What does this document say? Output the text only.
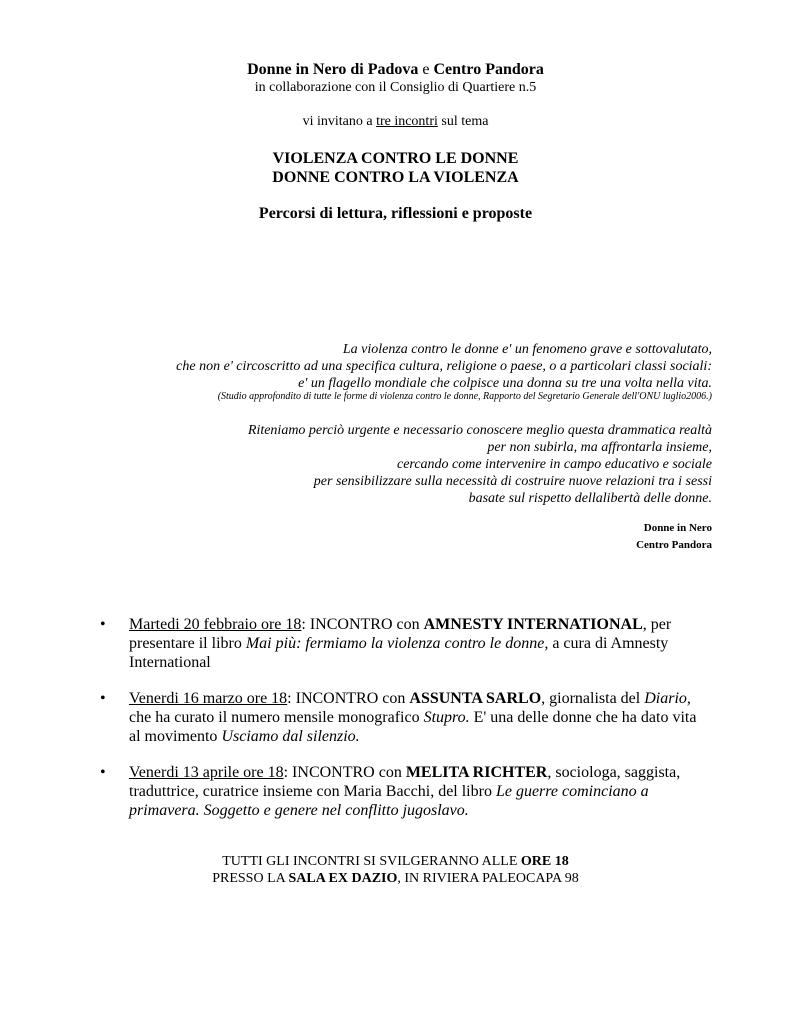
Donne in Nero di Padova e Centro Pandora
in collaborazione con il Consiglio di Quartiere n.5
vi invitano a tre incontri sul tema
VIOLENZA CONTRO LE DONNE
DONNE CONTRO LA VIOLENZA
Percorsi di lettura, riflessioni e proposte
La violenza contro le donne e' un fenomeno grave e sottovalutato,
che non e' circoscritto ad una specifica cultura, religione o paese, o a particolari classi sociali:
e' un flagello mondiale che colpisce una donna su tre una volta nella vita.
(Studio approfondito di tutte le forme di violenza contro le donne, Rapporto del Segretario Generale dell'ONU luglio2006.)
Riteniamo perciò urgente e necessario conoscere meglio questa drammatica realtà
per non subirla, ma affrontarla insieme,
cercando come intervenire in campo educativo e sociale
per sensibilizzare sulla necessità di costruire nuove relazioni tra i sessi
basate sul rispetto dellalibertà delle donne.
Donne in Nero
Centro Pandora
• Martedi 20 febbraio ore 18: INCONTRO con AMNESTY INTERNATIONAL, per presentare il libro Mai più: fermiamo la violenza contro le donne, a cura di Amnesty International
• Venerdi 16 marzo ore 18: INCONTRO con ASSUNTA SARLO, giornalista del Diario, che ha curato il numero mensile monografico Stupro. E' una delle donne che ha dato vita al movimento Usciamo dal silenzio.
• Venerdi 13 aprile ore 18: INCONTRO con MELITA RICHTER, sociologa, saggista, traduttrice, curatrice insieme con Maria Bacchi, del libro Le guerre cominciano a primavera. Soggetto e genere nel conflitto jugoslavo.
TUTTI GLI INCONTRI SI SVILGERANNO ALLE ORE 18
PRESSO LA SALA EX DAZIO, IN RIVIERA PALEOCAPA 98
